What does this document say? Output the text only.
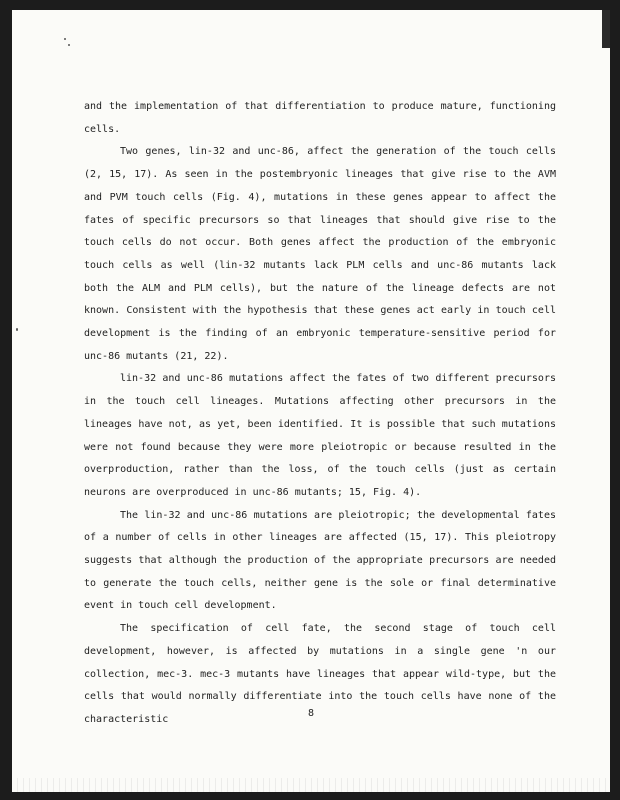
and the implementation of that differentiation to produce mature, functioning cells.

Two genes, lin-32 and unc-86, affect the generation of the touch cells (2, 15, 17). As seen in the postembryonic lineages that give rise to the AVM and PVM touch cells (Fig. 4), mutations in these genes appear to affect the fates of specific precursors so that lineages that should give rise to the touch cells do not occur. Both genes affect the production of the embryonic touch cells as well (lin-32 mutants lack PLM cells and unc-86 mutants lack both the ALM and PLM cells), but the nature of the lineage defects are not known. Consistent with the hypothesis that these genes act early in touch cell development is the finding of an embryonic temperature-sensitive period for unc-86 mutants (21, 22).

lin-32 and unc-86 mutations affect the fates of two different precursors in the touch cell lineages. Mutations affecting other precursors in the lineages have not, as yet, been identified. It is possible that such mutations were not found because they were more pleiotropic or because resulted in the overproduction, rather than the loss, of the touch cells (just as certain neurons are overproduced in unc-86 mutants; 15, Fig. 4).

The lin-32 and unc-86 mutations are pleiotropic; the developmental fates of a number of cells in other lineages are affected (15, 17). This pleiotropy suggests that although the production of the appropriate precursors are needed to generate the touch cells, neither gene is the sole or final determinative event in touch cell development.

The specification of cell fate, the second stage of touch cell development, however, is affected by mutations in a single gene 'n our collection, mec-3. mec-3 mutants have lineages that appear wild-type, but the cells that would normally differentiate into the touch cells have none of the characteristic

8
